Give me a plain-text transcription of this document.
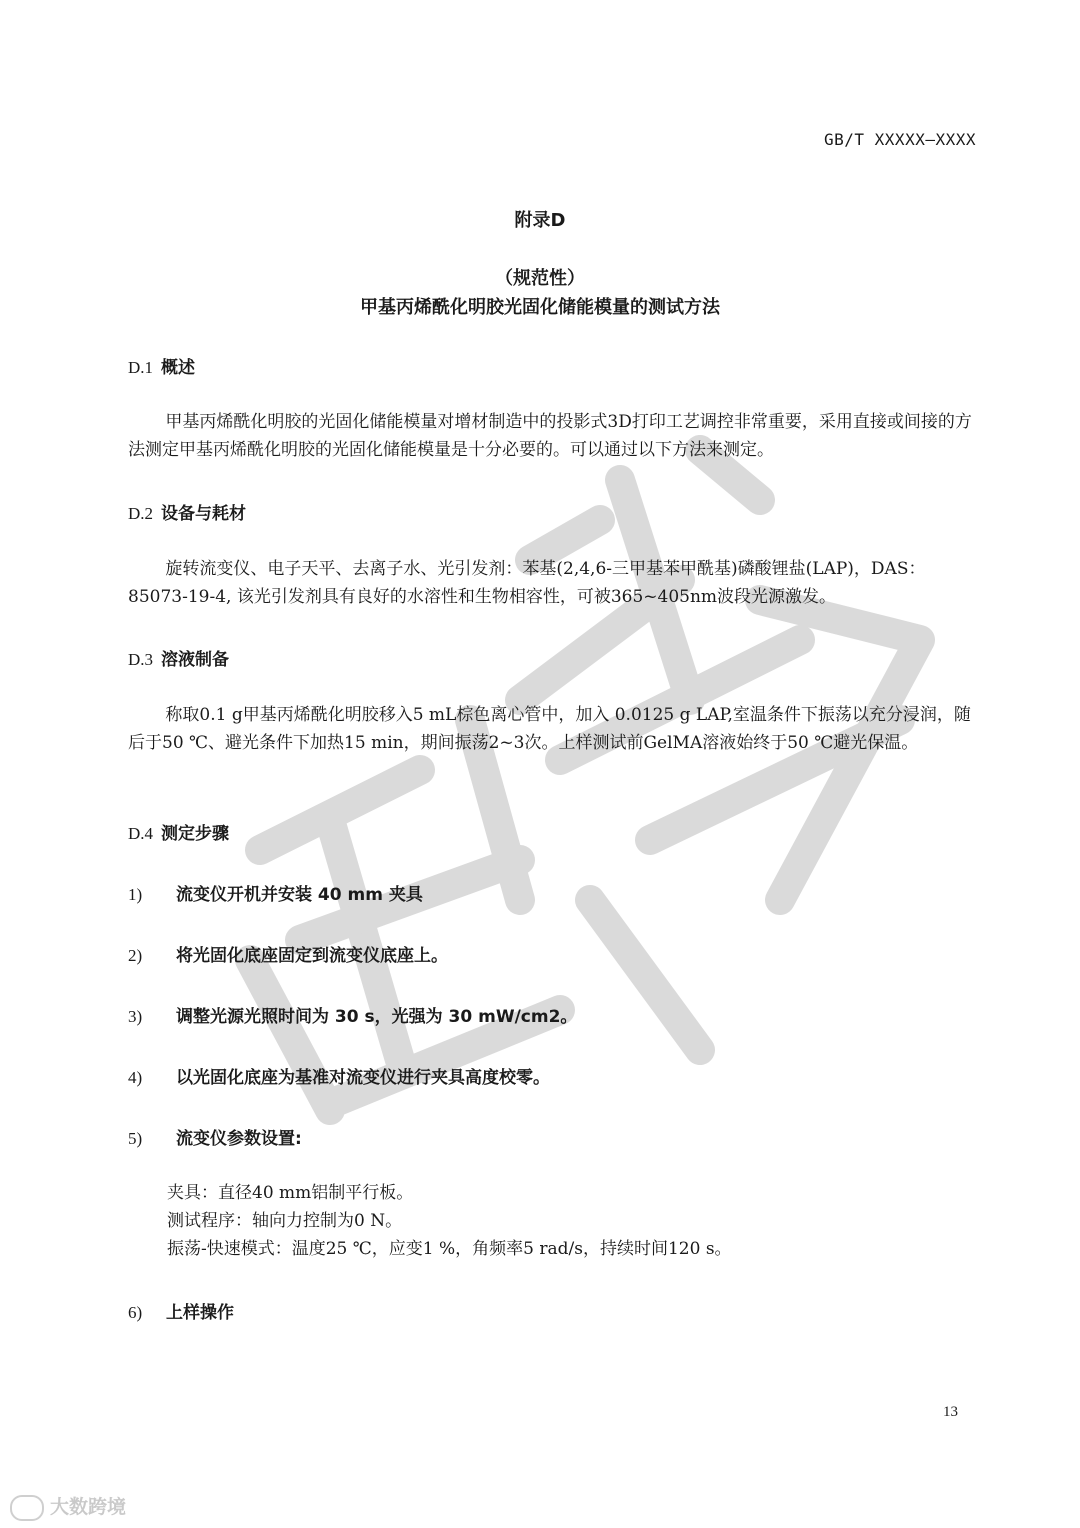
GB/T XXXXX—XXXX
附录D
（规范性）
甲基丙烯酰化明胶光固化储能模量的测试方法
D.1 概述

甲基丙烯酰化明胶的光固化储能模量对增材制造中的投影式3D打印工艺调控非常重要，采用直接或间接的方法测定甲基丙烯酰化明胶的光固化储能模量是十分必要的。可以通过以下方法来测定。

D.2 设备与耗材

旋转流变仪、电子天平、去离子水、光引发剂：苯基(2,4,6-三甲基苯甲酰基)磷酸锂盐(LAP)，DAS：85073-19-4, 该光引发剂具有良好的水溶性和生物相容性，可被365~405nm波段光源激发。

D.3 溶液制备

称取0.1 g甲基丙烯酰化明胶移入5 mL棕色离心管中，加入 0.0125 g LAP,室温条件下振荡以充分浸润，随后于50 ℃、避光条件下加热15 min，期间振荡2~3次。上样测试前GelMA溶液始终于50 ℃避光保温。

D.4 测定步骤
1) 流变仪开机并安装 40 mm 夹具
2) 将光固化底座固定到流变仪底座上。
3) 调整光源光照时间为 30 s，光强为 30 mW/cm2。
4) 以光固化底座为基准对流变仪进行夹具高度校零。
5) 流变仪参数设置:
夹具：直径40 mm铝制平行板。
测试程序：轴向力控制为0 N。
振荡-快速模式：温度25 ℃，应变1 %，角频率5 rad/s，持续时间120 s。
6) 上样操作
13
大数跨境
